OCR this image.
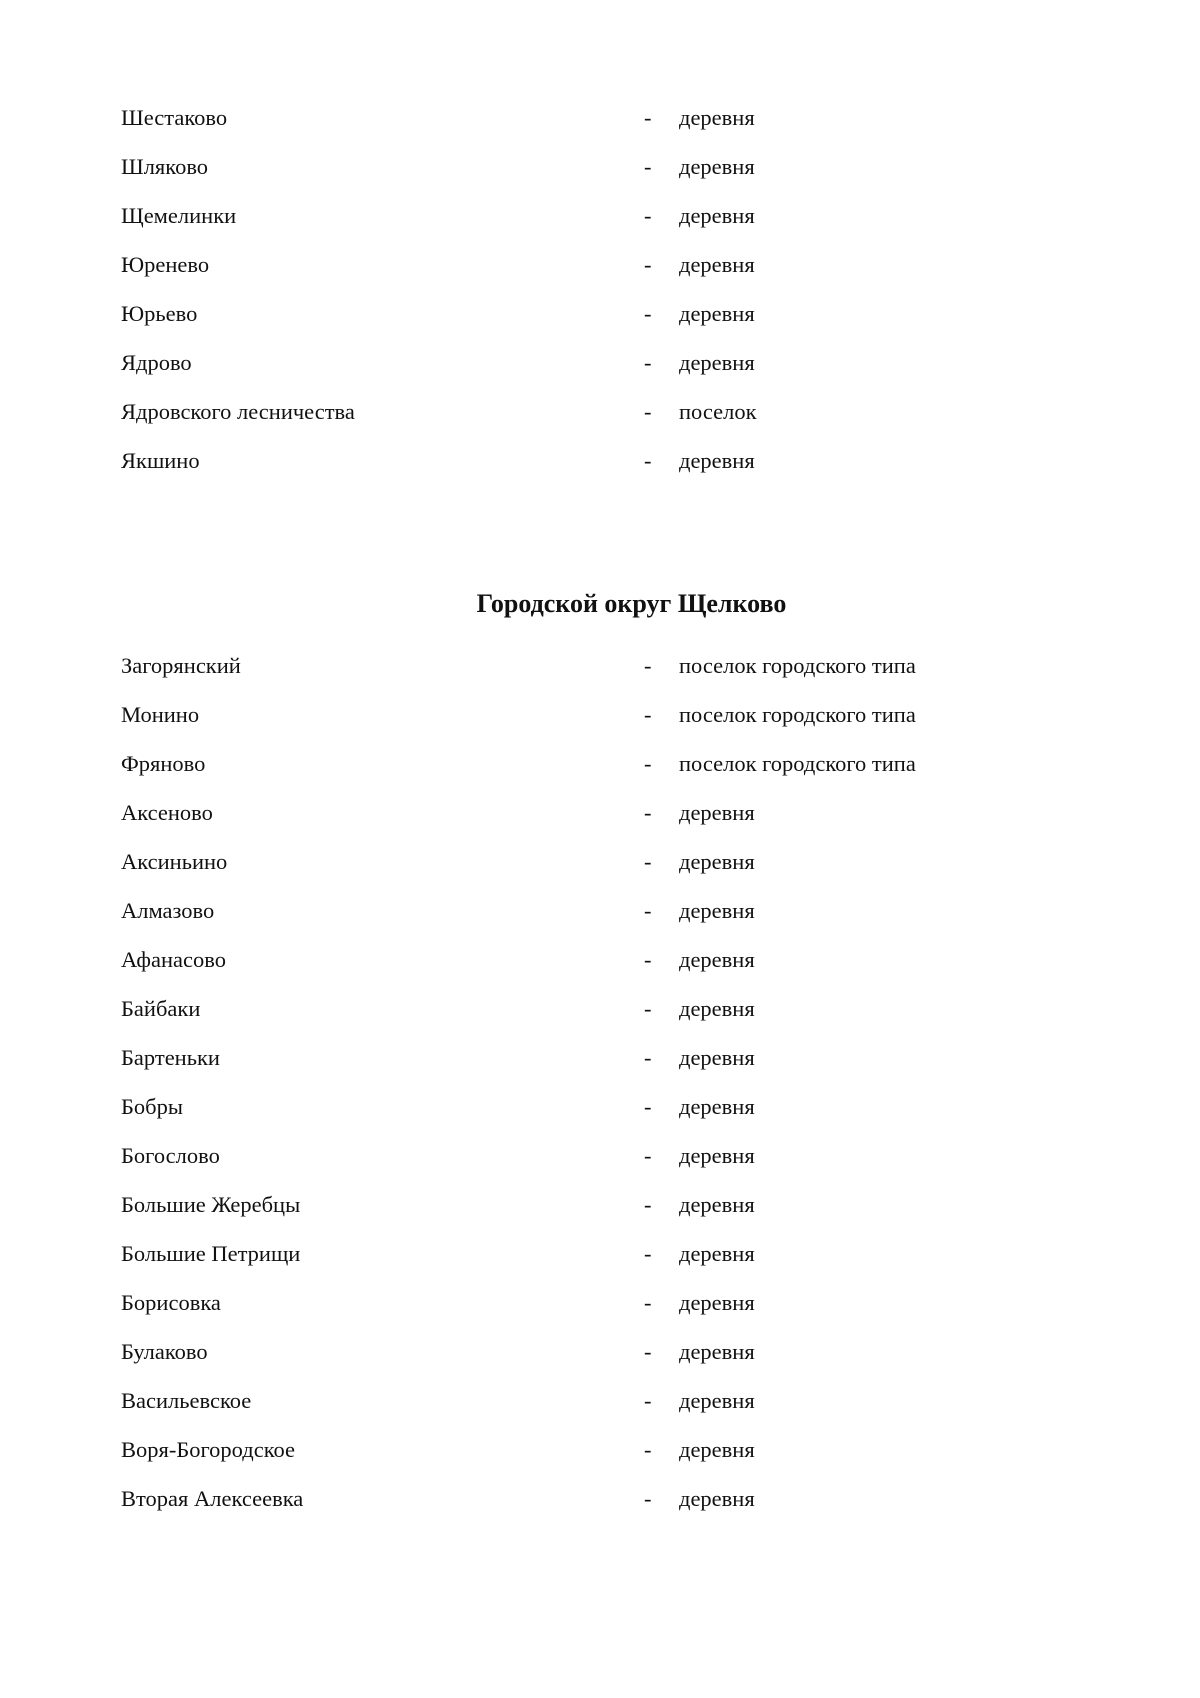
Шестаково	- деревня
Шляково	- деревня
Щемелинки	- деревня
Юренево	- деревня
Юрьево	- деревня
Ядрово	- деревня
Ядровского лесничества	- поселок
Якшино	- деревня
Городской округ Щелково
Загорянский	- поселок городского типа
Монино	- поселок городского типа
Фряново	- поселок городского типа
Аксеново	- деревня
Аксиньино	- деревня
Алмазово	- деревня
Афанасово	- деревня
Байбаки	- деревня
Бартеньки	- деревня
Бобры	- деревня
Богослово	- деревня
Большие Жеребцы	- деревня
Большие Петрищи	- деревня
Борисовка	- деревня
Булаково	- деревня
Васильевское	- деревня
Воря-Богородское	- деревня
Вторая Алексеевка	- деревня
